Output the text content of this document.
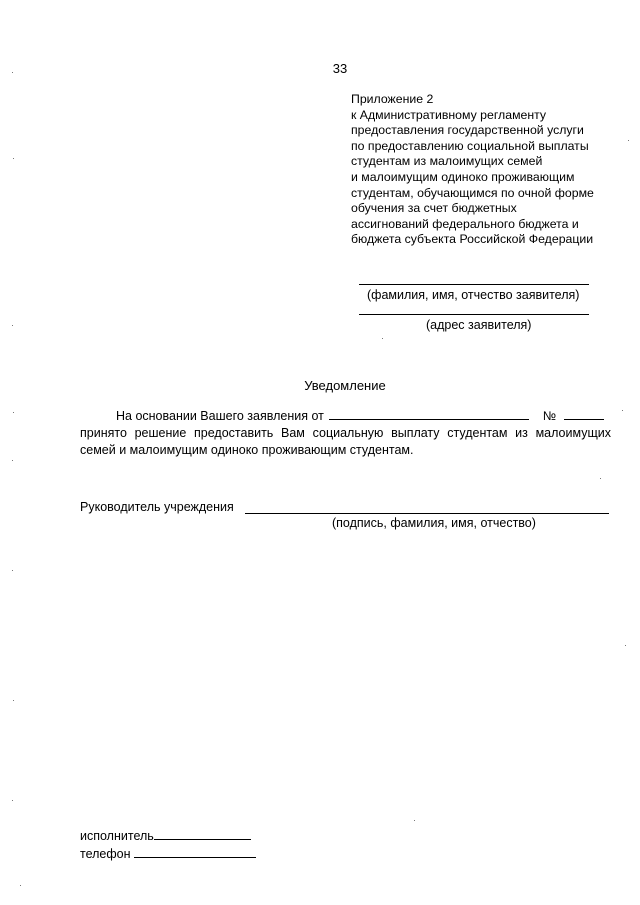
33
Приложение 2
к Административному регламенту
предоставления государственной услуги
по предоставлению социальной выплаты
студентам из малоимущих семей
и малоимущим одиноко проживающим
студентам, обучающимся по очной форме
обучения за счет бюджетных
ассигнований федерального бюджета и
бюджета субъекта Российской Федерации
(фамилия, имя, отчество заявителя)
(адрес заявителя)
Уведомление
На основании Вашего заявления от	№
принято решение предоставить Вам социальную выплату студентам из малоимущих
семей и малоимущим одиноко проживающим студентам.
Руководитель учреждения
(подпись, фамилия, имя, отчество)
исполнитель
телефон
